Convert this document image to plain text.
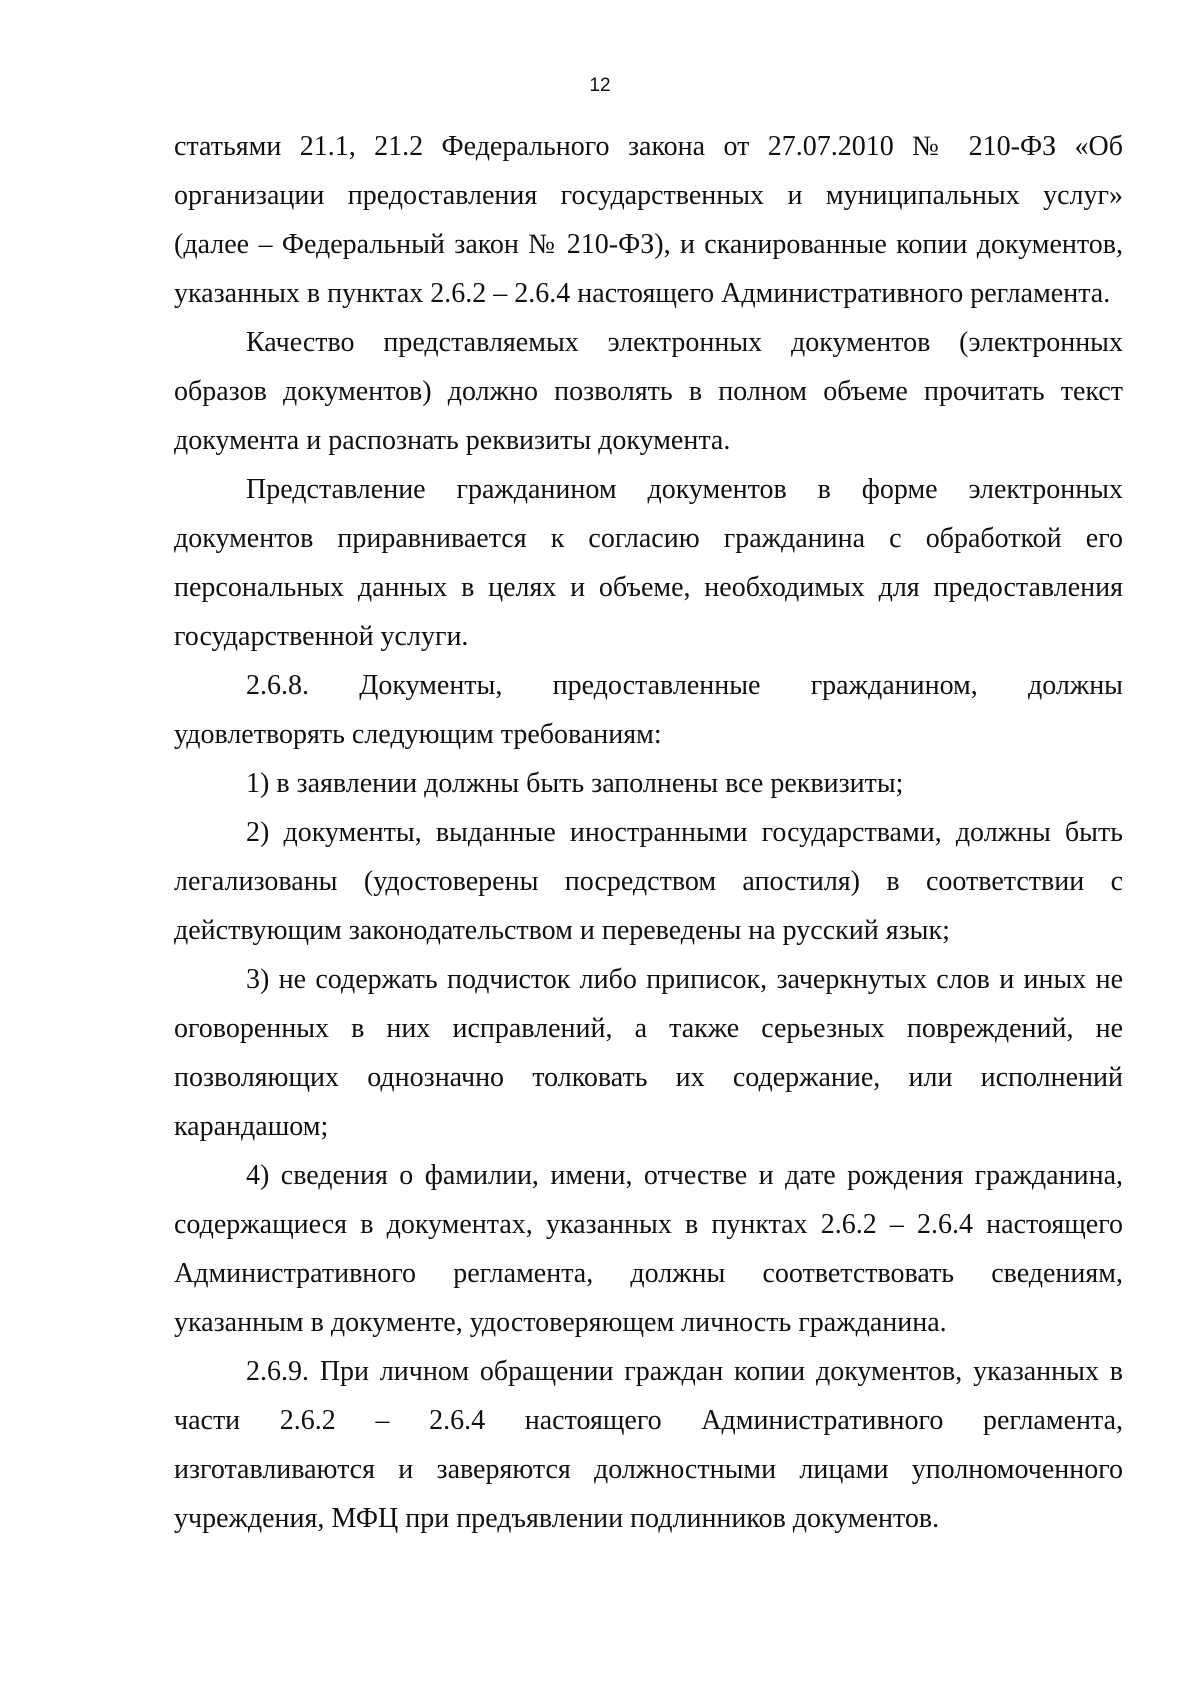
12

статьями 21.1, 21.2 Федерального закона от 27.07.2010 № 210-ФЗ «Об организации предоставления государственных и муниципальных услуг» (далее – Федеральный закон № 210-ФЗ), и сканированные копии документов, указанных в пунктах 2.6.2 – 2.6.4 настоящего Административного регламента.

Качество представляемых электронных документов (электронных образов документов) должно позволять в полном объеме прочитать текст документа и распознать реквизиты документа.

Представление гражданином документов в форме электронных документов приравнивается к согласию гражданина с обработкой его персональных данных в целях и объеме, необходимых для предоставления государственной услуги.

2.6.8. Документы, предоставленные гражданином, должны удовлетворять следующим требованиям:

1) в заявлении должны быть заполнены все реквизиты;

2) документы, выданные иностранными государствами, должны быть легализованы (удостоверены посредством апостиля) в соответствии с действующим законодательством и переведены на русский язык;

3) не содержать подчисток либо приписок, зачеркнутых слов и иных не оговоренных в них исправлений, а также серьезных повреждений, не позволяющих однозначно толковать их содержание, или исполнений карандашом;

4) сведения о фамилии, имени, отчестве и дате рождения гражданина, содержащиеся в документах, указанных в пунктах 2.6.2 – 2.6.4 настоящего Административного регламента, должны соответствовать сведениям, указанным в документе, удостоверяющем личность гражданина.

2.6.9. При личном обращении граждан копии документов, указанных в части 2.6.2 – 2.6.4 настоящего Административного регламента, изготавливаются и заверяются должностными лицами уполномоченного учреждения, МФЦ при предъявлении подлинников документов.
